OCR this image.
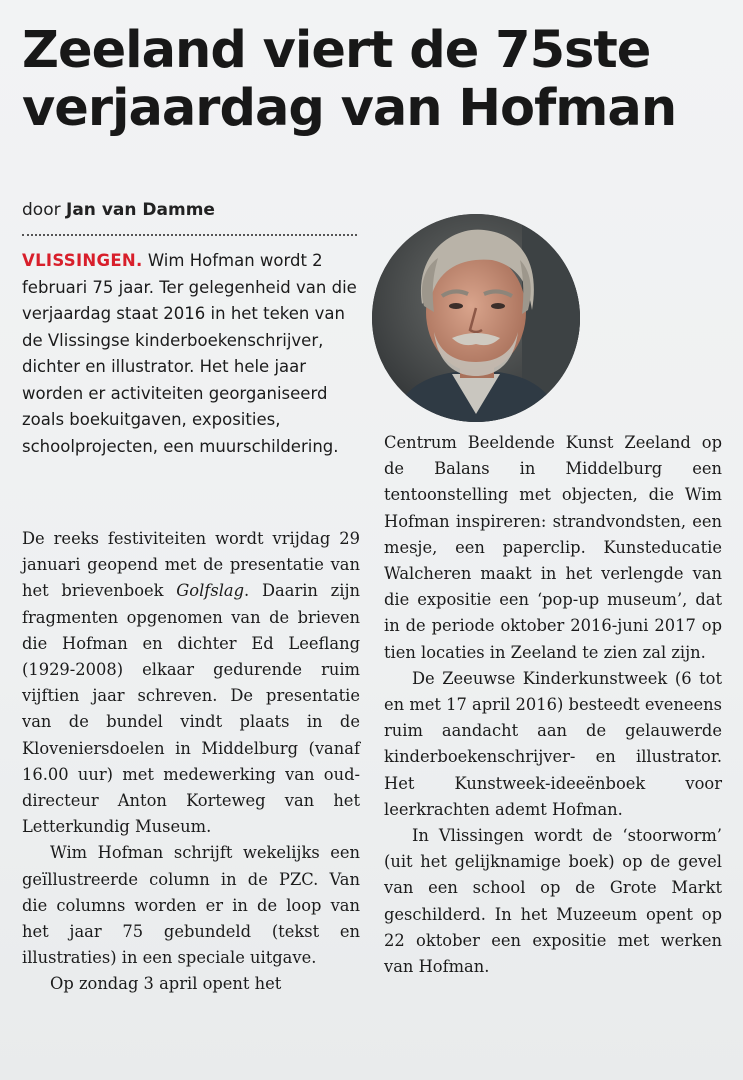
Zeeland viert de 75ste verjaardag van Hofman
door Jan van Damme

VLISSINGEN. Wim Hofman wordt 2 februari 75 jaar. Ter gelegenheid van die verjaardag staat 2016 in het teken van de Vlissingse kinderboekenschrijver, dichter en illustrator. Het hele jaar worden er activiteiten georganiseerd zoals boekuitgaven, exposities, schoolprojecten, een muurschildering.

De reeks festiviteiten wordt vrijdag 29 januari geopend met de presentatie van het brievenboek Golfslag. Daarin zijn fragmenten opgenomen van de brieven die Hofman en dichter Ed Leeflang (1929-2008) elkaar gedurende ruim vijftien jaar schreven. De presentatie van de bundel vindt plaats in de Kloveniersdoelen in Middelburg (vanaf 16.00 uur) met medewerking van oud-directeur Anton Korteweg van het Letterkundig Museum.

Wim Hofman schrijft wekelijks een geïllustreerde column in de PZC. Van die columns worden er in de loop van het jaar 75 gebundeld (tekst en illustraties) in een speciale uitgave.

Op zondag 3 april opent het

Centrum Beeldende Kunst Zeeland op de Balans in Middelburg een tentoonstelling met objecten, die Wim Hofman inspireren: strandvondsten, een mesje, een paperclip. Kunsteducatie Walcheren maakt in het verlengde van die expositie een ‘pop-up museum’, dat in de periode oktober 2016-juni 2017 op tien locaties in Zeeland te zien zal zijn.

De Zeeuwse Kinderkunstweek (6 tot en met 17 april 2016) besteedt eveneens ruim aandacht aan de gelauwerde kinderboekenschrijver- en illustrator. Het Kunstweek-ideeënboek voor leerkrachten ademt Hofman.

In Vlissingen wordt de ‘stoorworm’ (uit het gelijknamige boek) op de gevel van een school op de Grote Markt geschilderd. In het Muzeeum opent op 22 oktober een expositie met werken van Hofman.
